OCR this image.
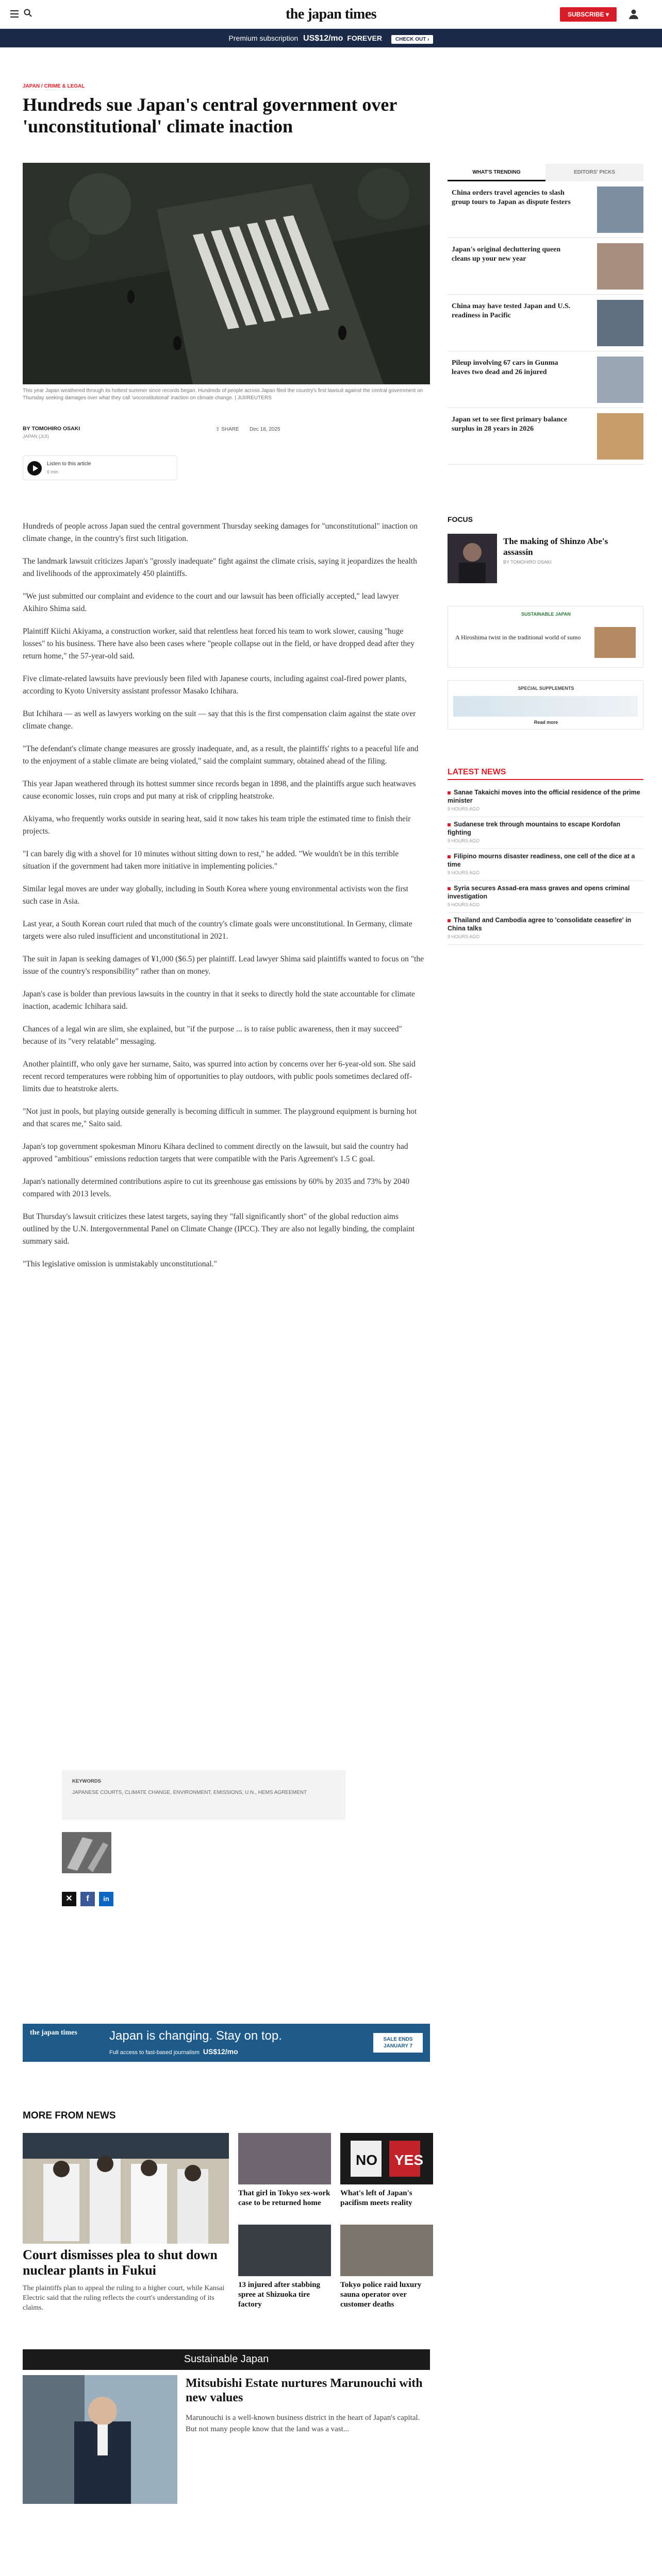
the japan times	SUBSCRIBE ▾
Premium subscription US$12/mo FOREVER	CHECK OUT ›
JAPAN / CRIME & LEGAL
Hundreds sue Japan's central government over 'unconstitutional' climate inaction
This year Japan weathered through its hottest summer since records began. Hundreds of people across Japan filed the country's first lawsuit against the central government on Thursday seeking damages over what they call 'unconstitutional' inaction on climate change. | JIJI/REUTERS
BY TOMOHIRO OSAKI
JAPAN (JIJI)
⇪ SHARE Dec 18, 2025
Listen to this article
6 min

Hundreds of people across Japan sued the central government Thursday seeking damages for "unconstitutional" inaction on climate change, in the country's first such litigation.

The landmark lawsuit criticizes Japan's "grossly inadequate" fight against the climate crisis, saying it jeopardizes the health and livelihoods of the approximately 450 plaintiffs.

"We just submitted our complaint and evidence to the court and our lawsuit has been officially accepted," lead lawyer Akihiro Shima said.

Plaintiff Kiichi Akiyama, a construction worker, said that relentless heat forced his team to work slower, causing "huge losses" to his business. There have also been cases where "people collapse out in the field, or have dropped dead after they return home," the 57-year-old said.

Five climate-related lawsuits have previously been filed with Japanese courts, including against coal-fired power plants, according to Kyoto University assistant professor Masako Ichihara.

But Ichihara — as well as lawyers working on the suit — say that this is the first compensation claim against the state over climate change.

"The defendant's climate change measures are grossly inadequate, and, as a result, the plaintiffs' rights to a peaceful life and to the enjoyment of a stable climate are being violated," said the complaint summary, obtained ahead of the filing.

This year Japan weathered through its hottest summer since records began in 1898, and the plaintiffs argue such heatwaves cause economic losses, ruin crops and put many at risk of crippling heatstroke.

Akiyama, who frequently works outside in searing heat, said it now takes his team triple the estimated time to finish their projects.

"I can barely dig with a shovel for 10 minutes without sitting down to rest," he added. "We wouldn't be in this terrible situation if the government had taken more initiative in implementing policies."

Similar legal moves are under way globally, including in South Korea where young environmental activists won the first such case in Asia.

Last year, a South Korean court ruled that much of the country's climate goals were unconstitutional. In Germany, climate targets were also ruled insufficient and unconstitutional in 2021.

The suit in Japan is seeking damages of ¥1,000 ($6.5) per plaintiff. Lead lawyer Shima said plaintiffs wanted to focus on "the issue of the country's responsibility" rather than on money.

Japan's case is bolder than previous lawsuits in the country in that it seeks to directly hold the state accountable for climate inaction, academic Ichihara said.

Chances of a legal win are slim, she explained, but "if the purpose ... is to raise public awareness, then it may succeed" because of its "very relatable" messaging.

Another plaintiff, who only gave her surname, Saito, was spurred into action by concerns over her 6-year-old son. She said recent record temperatures were robbing him of opportunities to play outdoors, with public pools sometimes declared off-limits due to heatstroke alerts.

"Not just in pools, but playing outside generally is becoming difficult in summer. The playground equipment is burning hot and that scares me," Saito said.

Japan's top government spokesman Minoru Kihara declined to comment directly on the lawsuit, but said the country had approved "ambitious" emissions reduction targets that were compatible with the Paris Agreement's 1.5 C goal.

Japan's nationally determined contributions aspire to cut its greenhouse gas emissions by 60% by 2035 and 73% by 2040 compared with 2013 levels.

But Thursday's lawsuit criticizes these latest targets, saying they "fall significantly short" of the global reduction aims outlined by the U.N. Intergovernmental Panel on Climate Change (IPCC). They are also not legally binding, the complaint summary said.

"This legislative omission is unmistakably unconstitutional."

KEYWORDS
JAPANESE COURTS, CLIMATE CHANGE, ENVIRONMENT, EMISSIONS, U.N., HEMS AGREEMENT
✕	f	in
WHAT'S TRENDING	EDITORS' PICKS
China orders travel agencies to slash group tours to Japan as dispute festers
Japan's original decluttering queen cleans up your new year
China may have tested Japan and U.S. readiness in Pacific
Pileup involving 67 cars in Gunma leaves two dead and 26 injured
Japan set to see first primary balance surplus in 28 years in 2026
FOCUS
The making of Shinzo Abe's assassin
BY TOMOHIRO OSAKI
SUSTAINABLE JAPAN
A Hiroshima twist in the traditional world of sumo
SPECIAL SUPPLEMENTS
Read more
LATEST NEWS
Sanae Takaichi moves into the official residence of the prime minister
9 HOURS AGO
Sudanese trek through mountains to escape Kordofan fighting
9 HOURS AGO
Filipino mourns disaster readiness, one cell of the dice at a time
9 HOURS AGO
Syria secures Assad-era mass graves and opens criminal investigation
9 HOURS AGO
Thailand and Cambodia agree to 'consolidate ceasefire' in China talks
9 HOURS AGO
the japan times	Japan is changing. Stay on top.
Full access to fast-based journalism US$12/mo
SALE ENDS
JANUARY 7
MORE FROM NEWS
Court dismisses plea to shut down nuclear plants in Fukui
The plaintiffs plan to appeal the ruling to a higher court, while Kansai Electric said that the ruling reflects the court's understanding of its claims.
That girl in Tokyo sex-work case to be returned home
NO YES
What's left of Japan's pacifism meets reality
13 injured after stabbing spree at Shizuoka tire factory
Tokyo police raid luxury sauna operator over customer deaths
Sustainable Japan
Mitsubishi Estate nurtures Marunouchi with new values
Marunouchi is a well-known business district in the heart of Japan's capital. But not many people know that the land was a vast...
